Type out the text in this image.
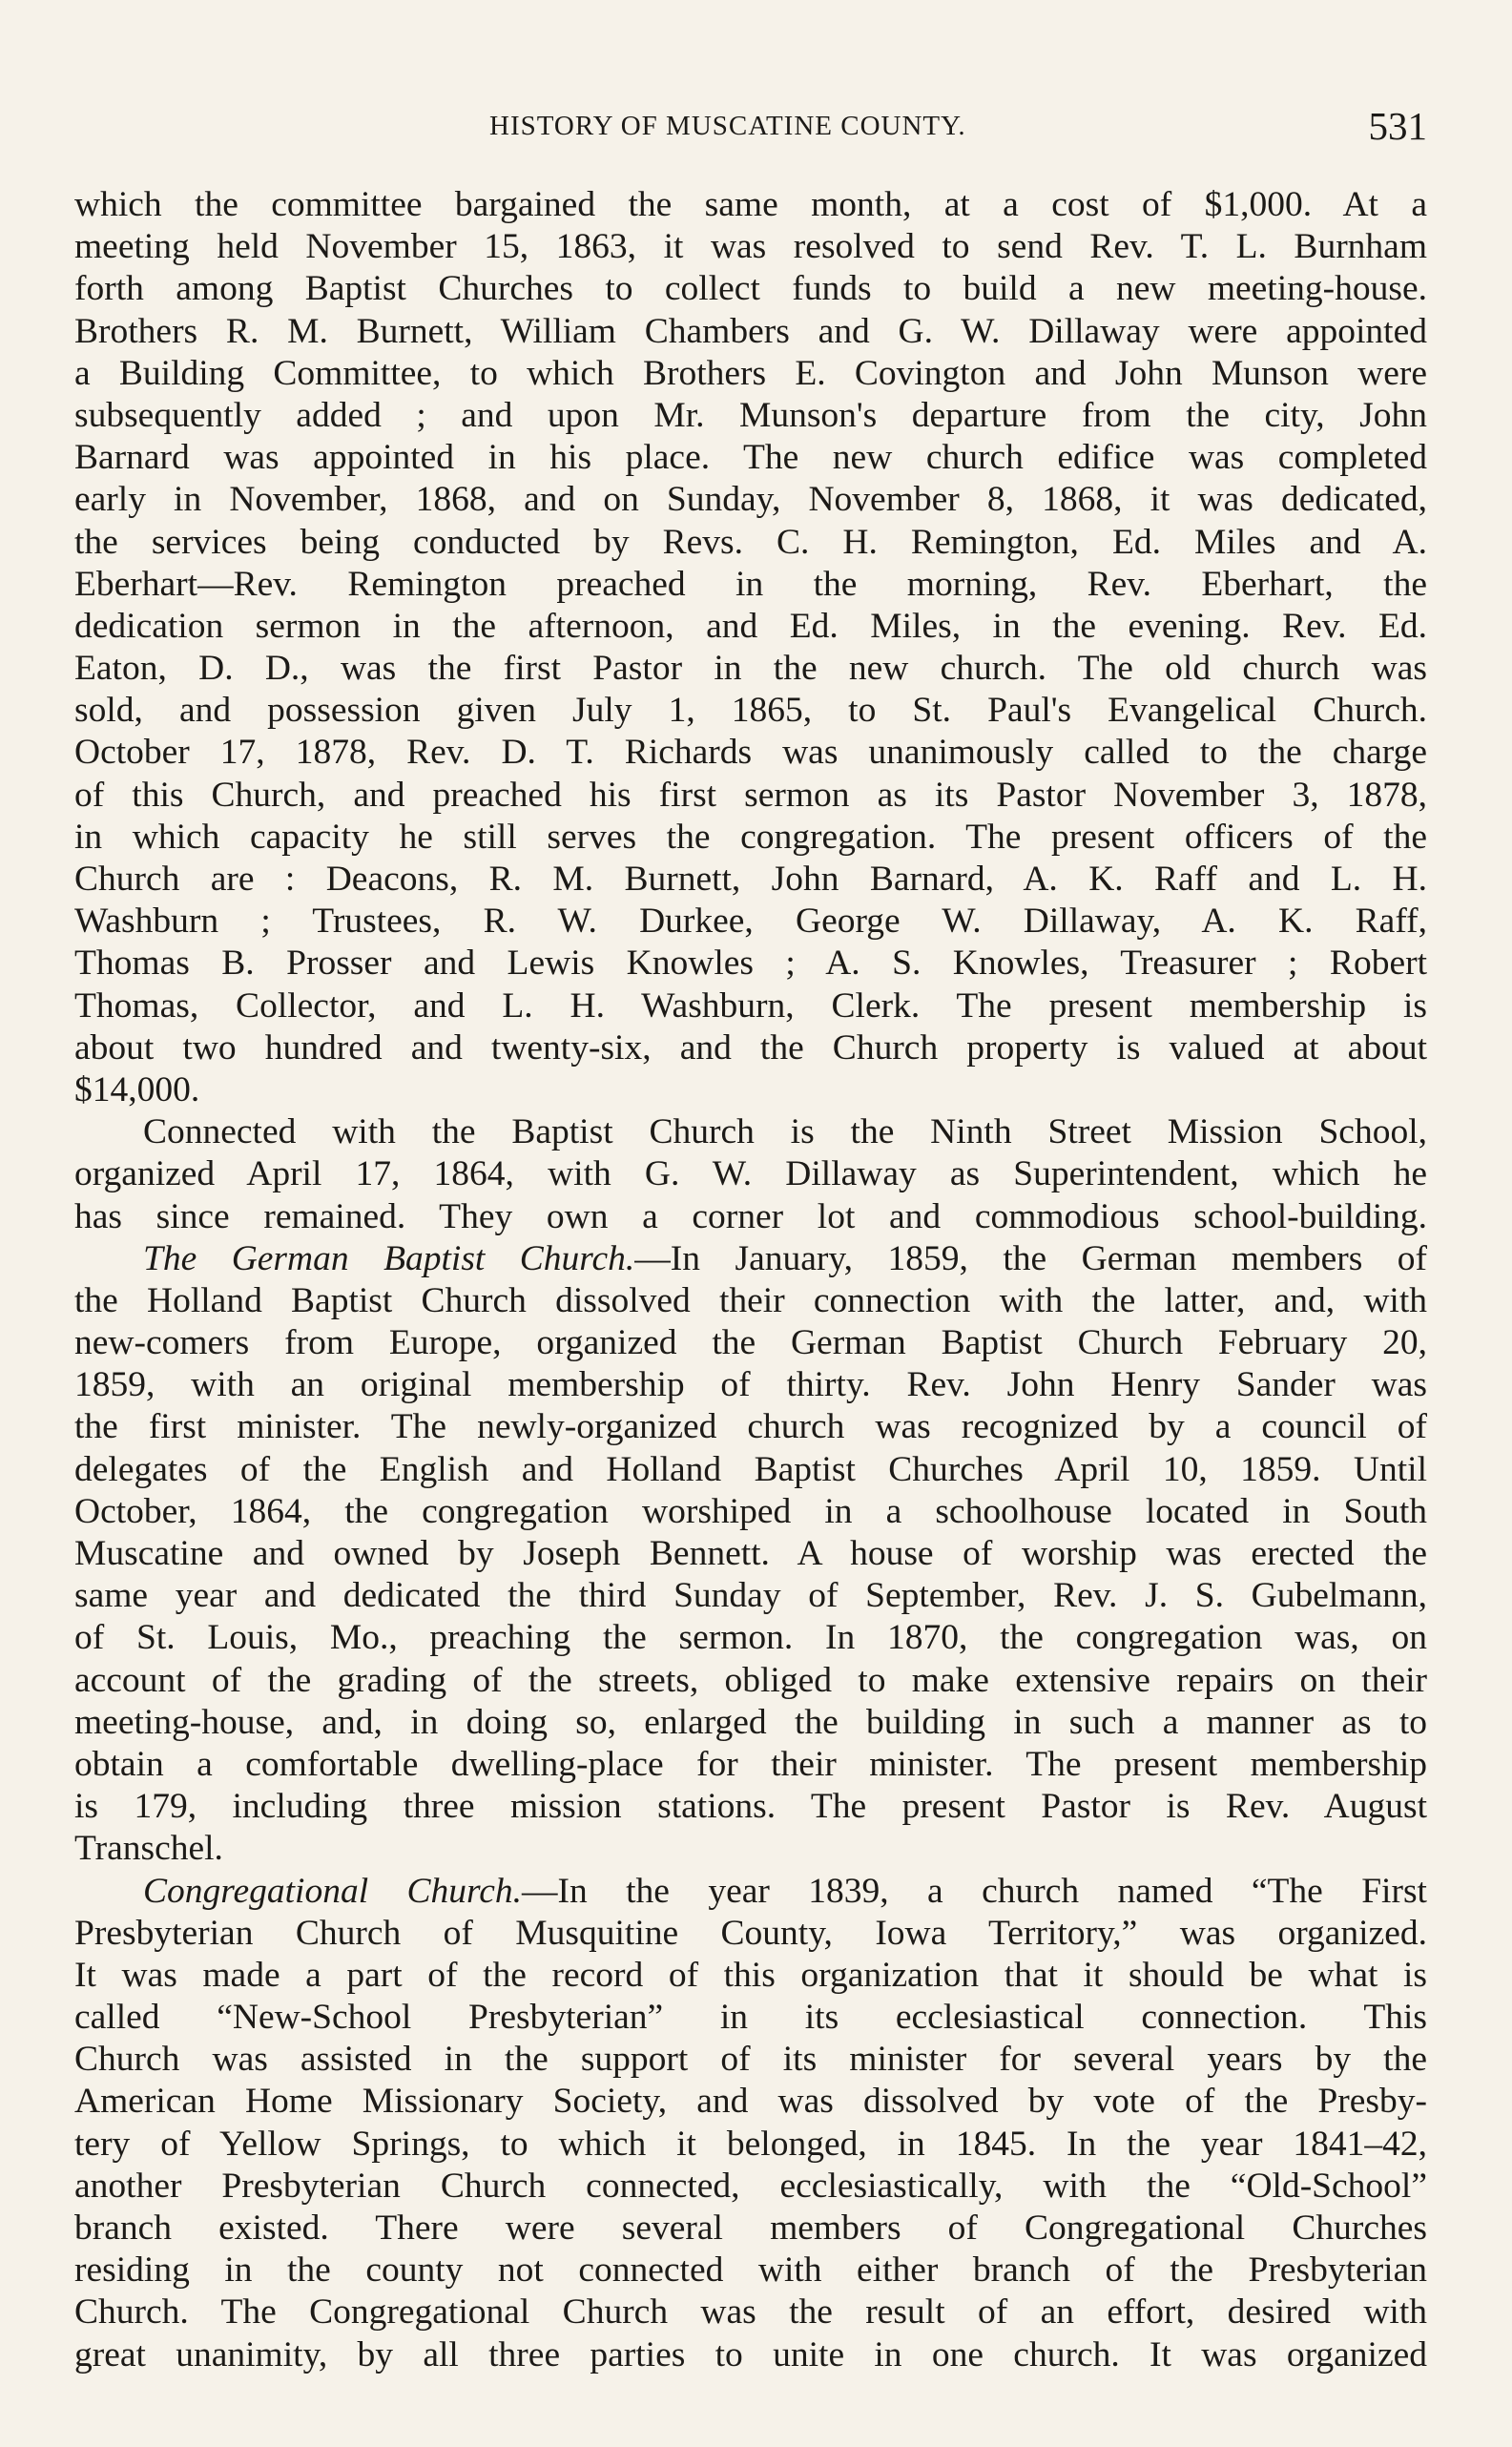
HISTORY OF MUSCATINE COUNTY.	531
which the committee bargained the same month, at a cost of $1,000. At a
meeting held November 15, 1863, it was resolved to send Rev. T. L. Burnham
forth among Baptist Churches to collect funds to build a new meeting-house.
Brothers R. M. Burnett, William Chambers and G. W. Dillaway were appointed
a Building Committee, to which Brothers E. Covington and John Munson were
subsequently added ; and upon Mr. Munson's departure from the city, John
Barnard was appointed in his place. The new church edifice was completed
early in November, 1868, and on Sunday, November 8, 1868, it was dedicated,
the services being conducted by Revs. C. H. Remington, Ed. Miles and A.
Eberhart—Rev. Remington preached in the morning, Rev. Eberhart, the
dedication sermon in the afternoon, and Ed. Miles, in the evening. Rev. Ed.
Eaton, D. D., was the first Pastor in the new church. The old church was
sold, and possession given July 1, 1865, to St. Paul's Evangelical Church.
October 17, 1878, Rev. D. T. Richards was unanimously called to the charge
of this Church, and preached his first sermon as its Pastor November 3, 1878,
in which capacity he still serves the congregation. The present officers of the
Church are : Deacons, R. M. Burnett, John Barnard, A. K. Raff and L. H.
Washburn ; Trustees, R. W. Durkee, George W. Dillaway, A. K. Raff,
Thomas B. Prosser and Lewis Knowles ; A. S. Knowles, Treasurer ; Robert
Thomas, Collector, and L. H. Washburn, Clerk. The present membership is
about two hundred and twenty-six, and the Church property is valued at about
$14,000.
Connected with the Baptist Church is the Ninth Street Mission School,
organized April 17, 1864, with G. W. Dillaway as Superintendent, which he
has since remained. They own a corner lot and commodious school-building.
The German Baptist Church.—In January, 1859, the German members of
the Holland Baptist Church dissolved their connection with the latter, and, with
new-comers from Europe, organized the German Baptist Church February 20,
1859, with an original membership of thirty. Rev. John Henry Sander was
the first minister. The newly-organized church was recognized by a council of
delegates of the English and Holland Baptist Churches April 10, 1859. Until
October, 1864, the congregation worshiped in a schoolhouse located in South
Muscatine and owned by Joseph Bennett. A house of worship was erected the
same year and dedicated the third Sunday of September, Rev. J. S. Gubelmann,
of St. Louis, Mo., preaching the sermon. In 1870, the congregation was, on
account of the grading of the streets, obliged to make extensive repairs on their
meeting-house, and, in doing so, enlarged the building in such a manner as to
obtain a comfortable dwelling-place for their minister. The present membership
is 179, including three mission stations. The present Pastor is Rev. August
Transchel.
Congregational Church.—In the year 1839, a church named “The First
Presbyterian Church of Musquitine County, Iowa Territory,” was organized.
It was made a part of the record of this organization that it should be what is
called “New-School Presbyterian” in its ecclesiastical connection. This
Church was assisted in the support of its minister for several years by the
American Home Missionary Society, and was dissolved by vote of the Presby-
tery of Yellow Springs, to which it belonged, in 1845. In the year 1841–42,
another Presbyterian Church connected, ecclesiastically, with the “Old-School”
branch existed. There were several members of Congregational Churches
residing in the county not connected with either branch of the Presbyterian
Church. The Congregational Church was the result of an effort, desired with
great unanimity, by all three parties to unite in one church. It was organized
